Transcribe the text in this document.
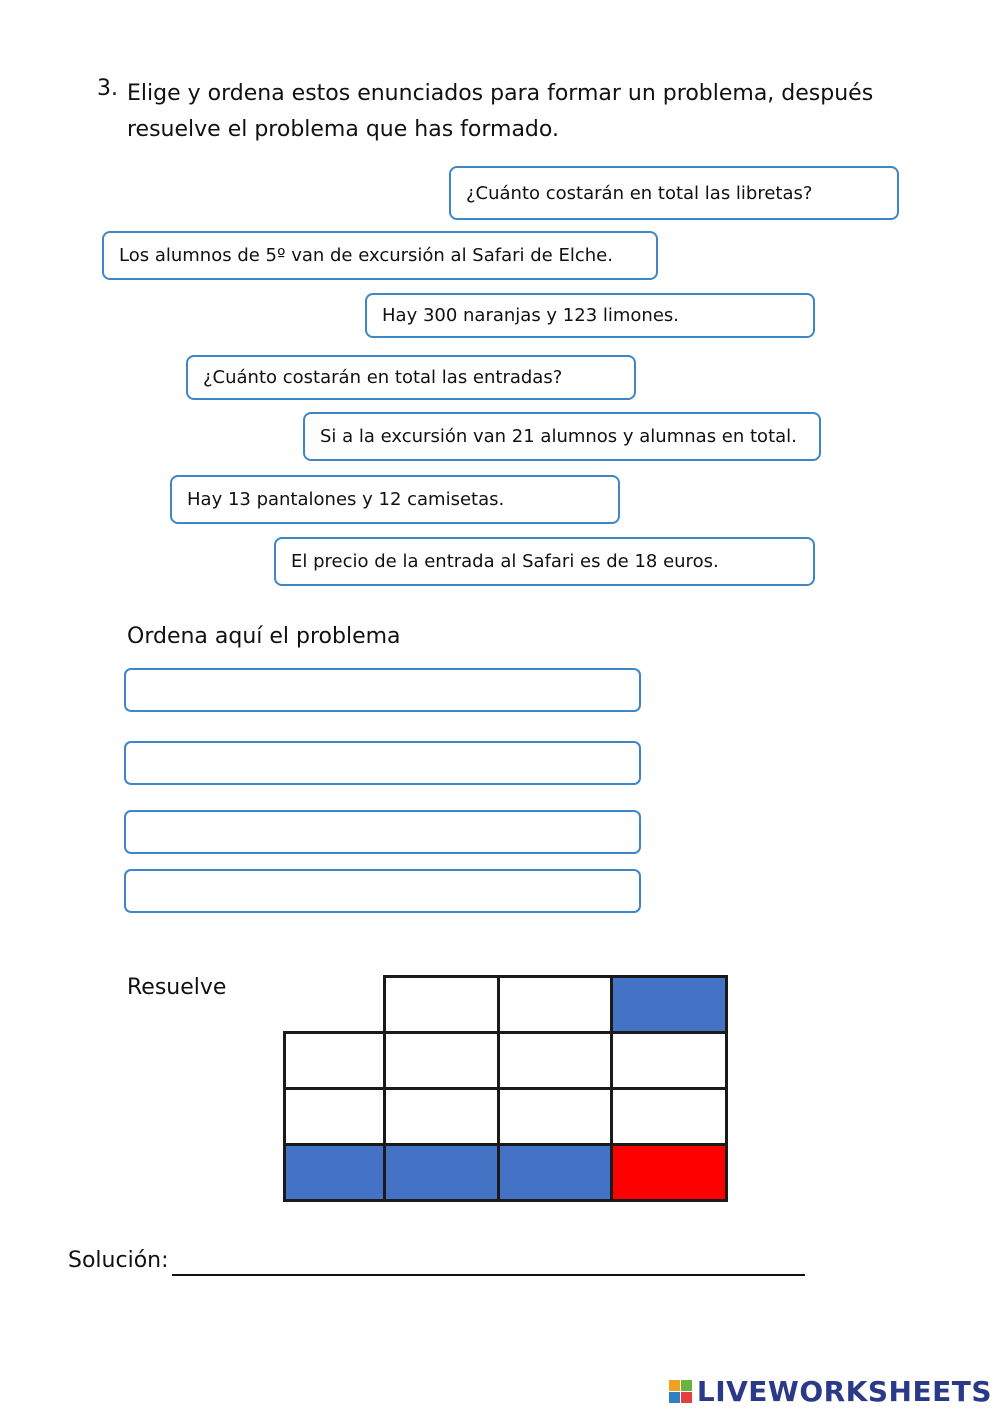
3. Elige y ordena estos enunciados para formar un problema, después resuelve el problema que has formado.
¿Cuánto costarán en total las libretas?
Los alumnos de 5º van de excursión al Safari de Elche.
Hay 300 naranjas y 123 limones.
¿Cuánto costarán en total las entradas?
Si a la excursión van 21 alumnos y alumnas en total.
Hay 13 pantalones y 12 camisetas.
El precio de la entrada al Safari es de 18 euros.
Ordena aquí el problema
Resuelve
Solución:
LIVEWORKSHEETS
